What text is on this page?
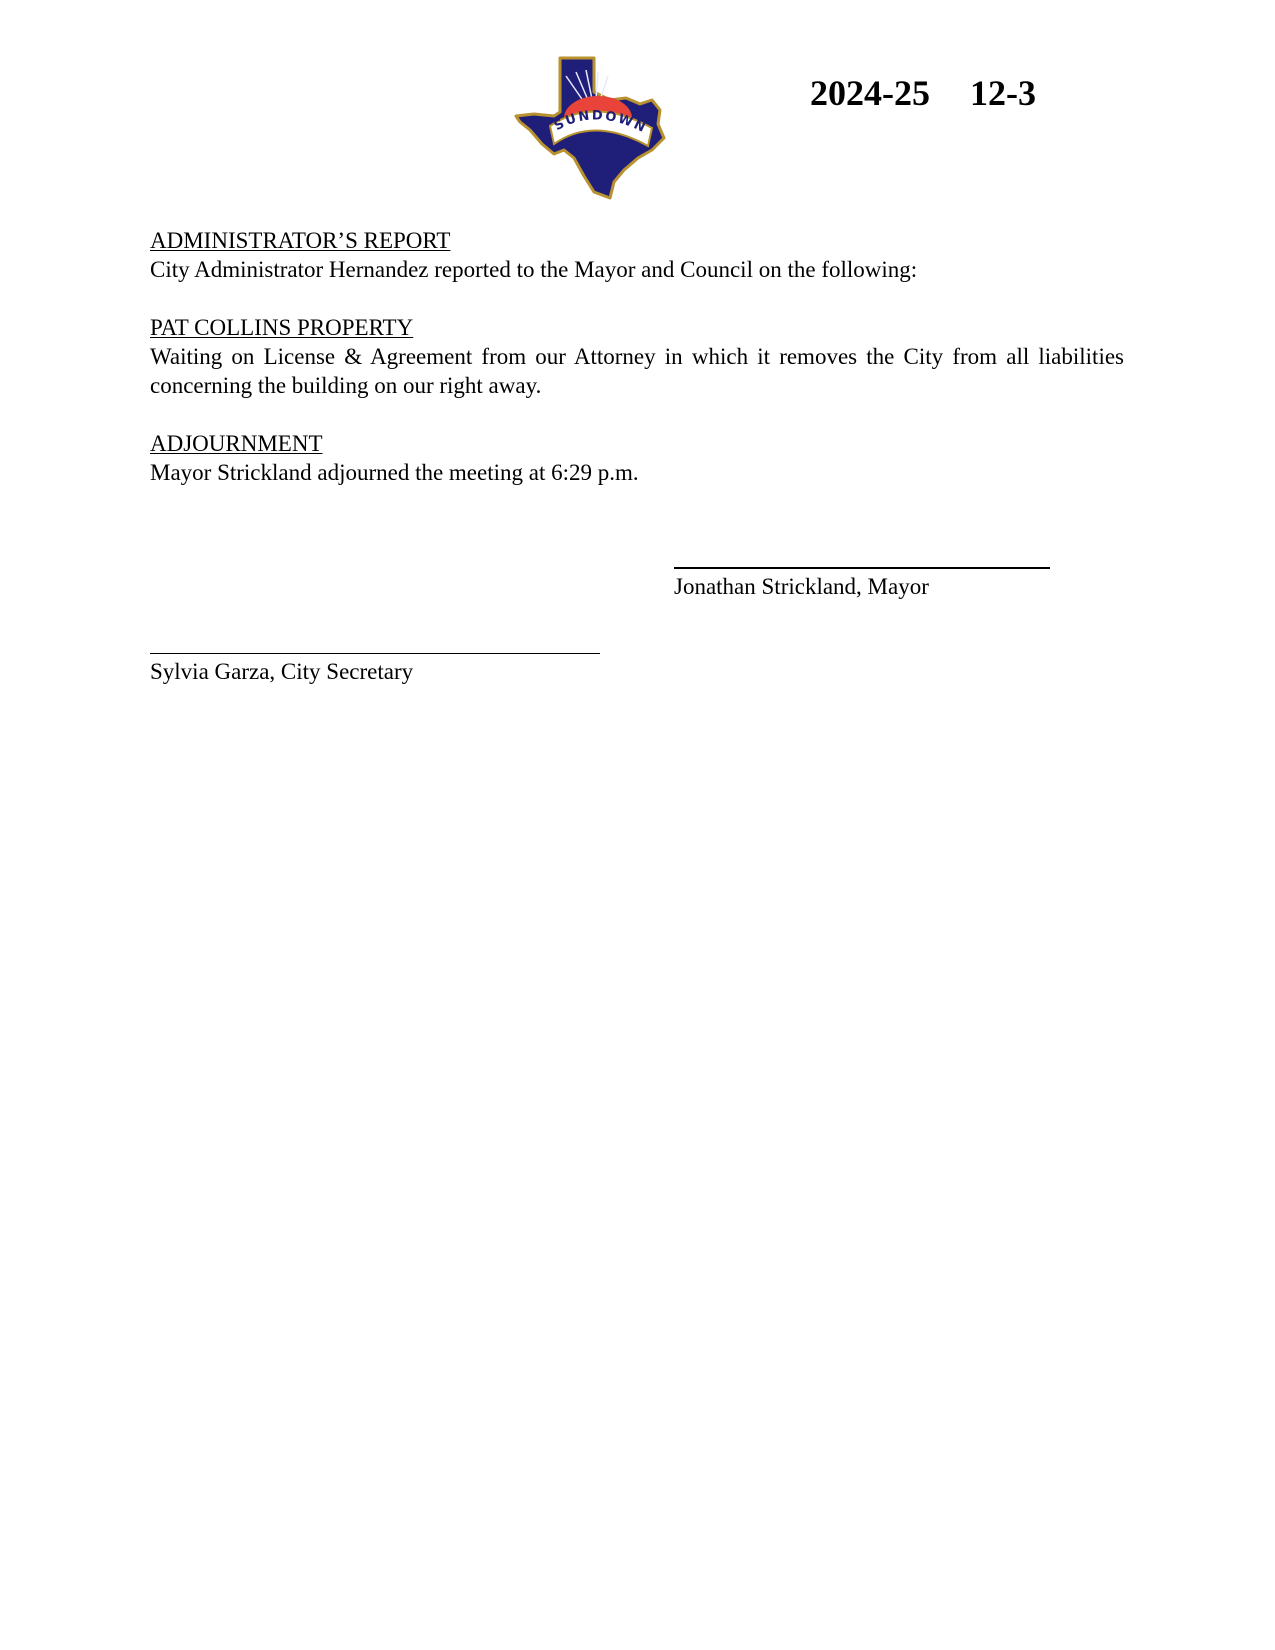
SUNDOWN
2024-25 12-3
ADMINISTRATOR’S REPORT
City Administrator Hernandez reported to the Mayor and Council on the following:
PAT COLLINS PROPERTY
Waiting on License & Agreement from our Attorney in which it removes the City from all liabilities concerning the building on our right away.
ADJOURNMENT
Mayor Strickland adjourned the meeting at 6:29 p.m.
Jonathan Strickland, Mayor
Sylvia Garza, City Secretary
